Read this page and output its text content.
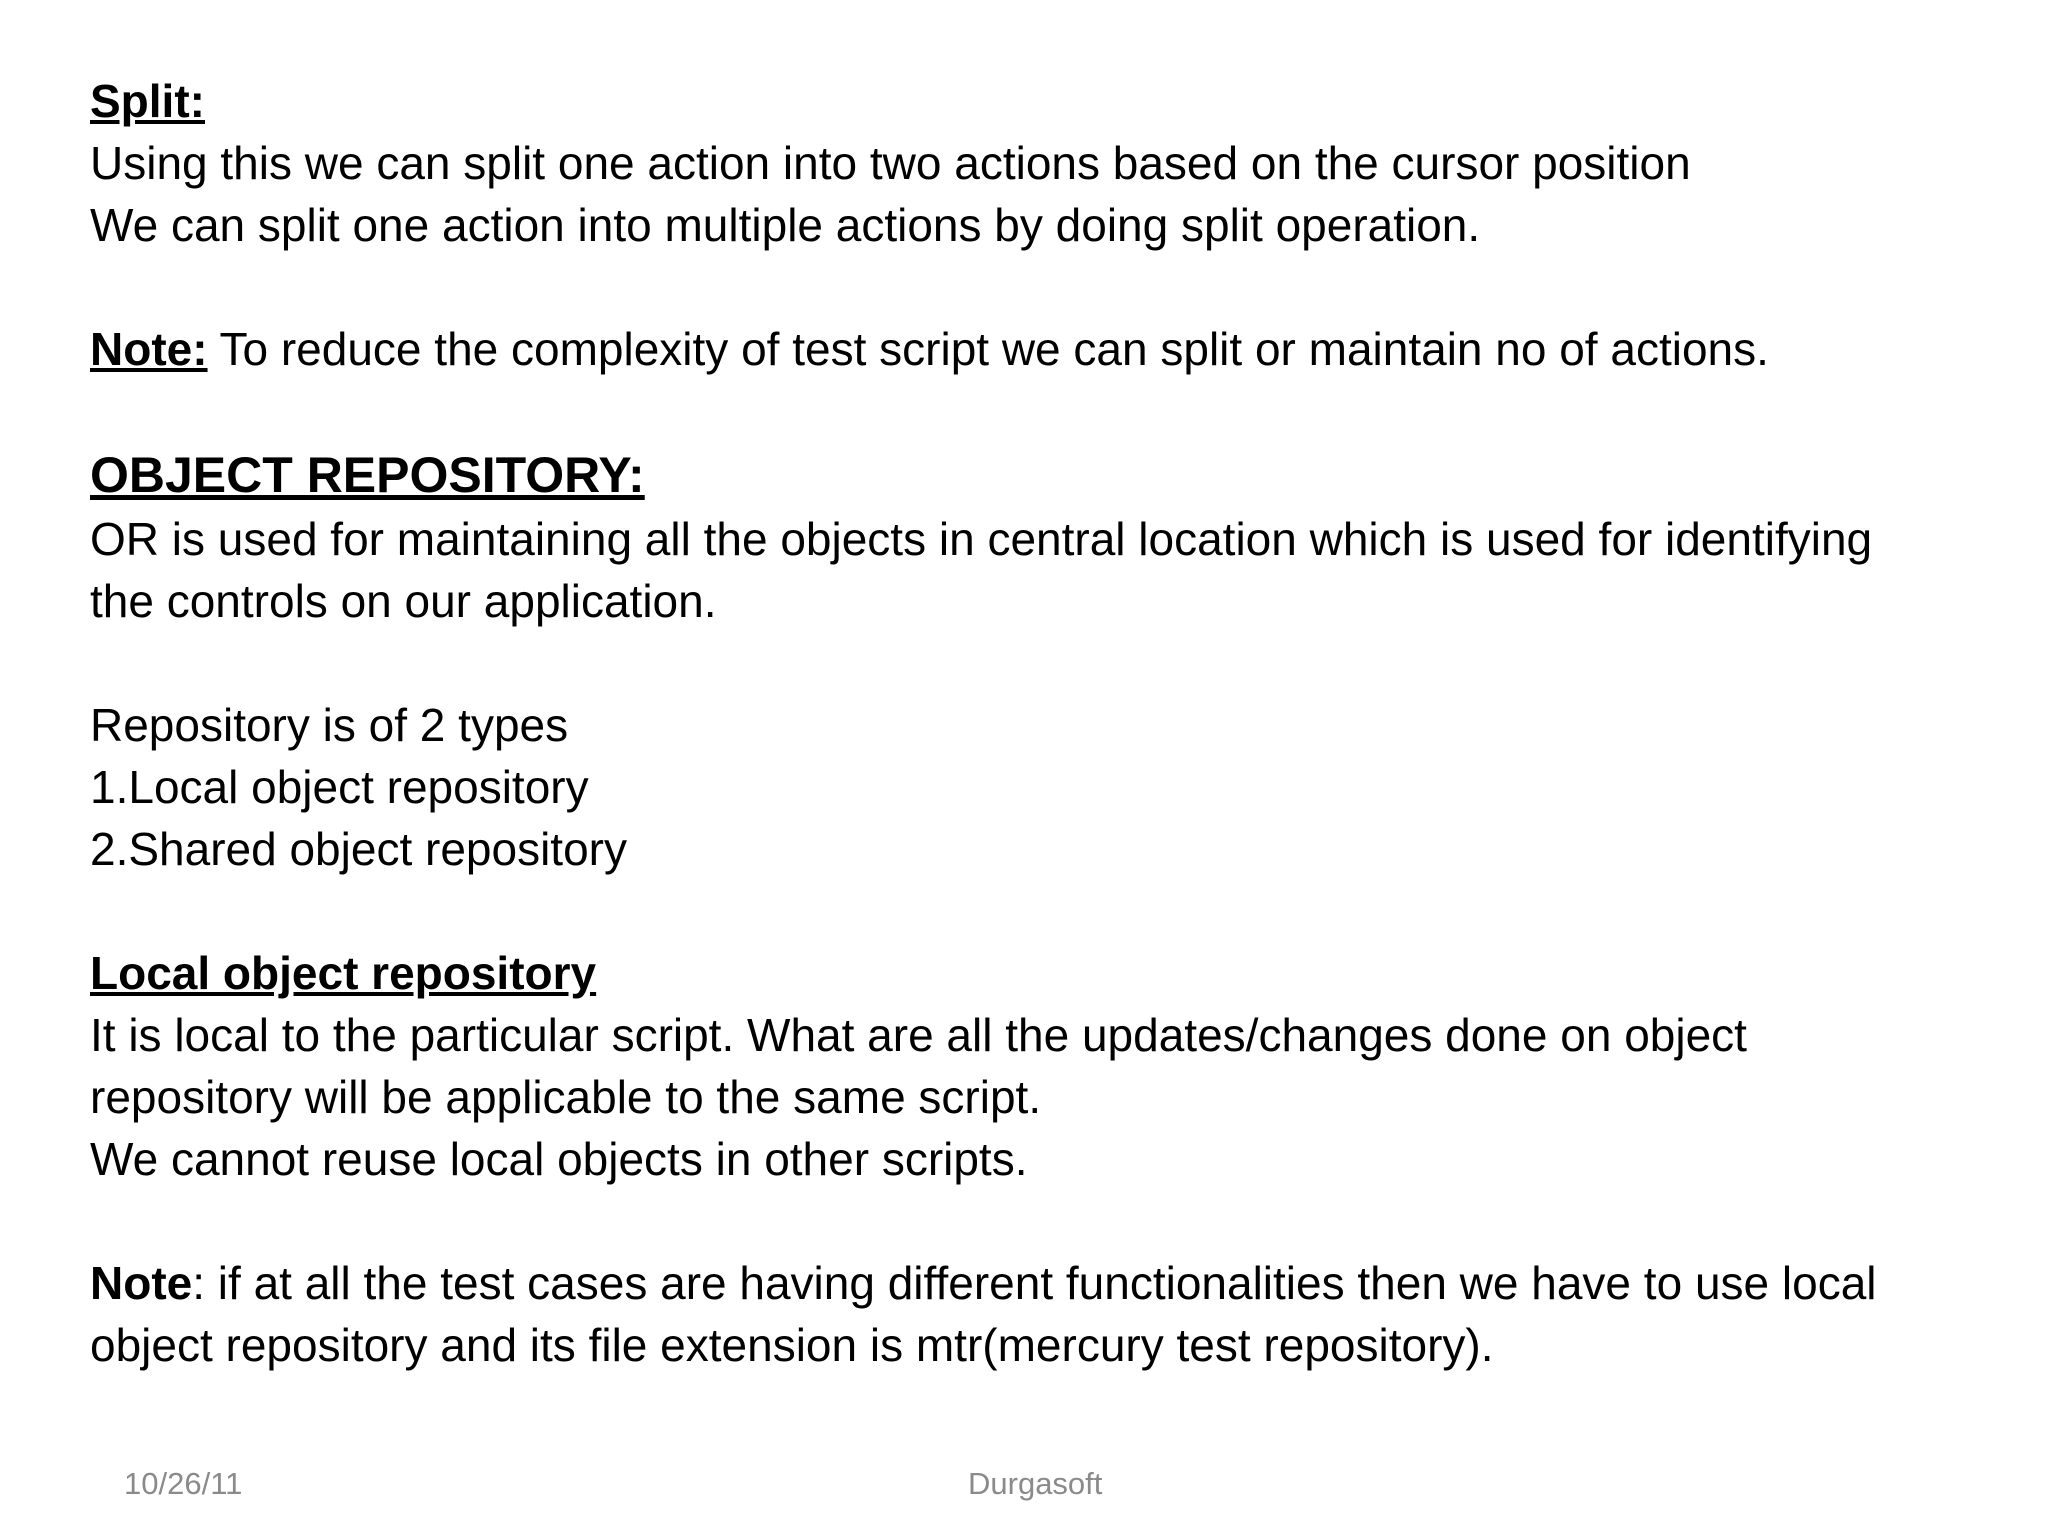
Split:

Using this we can split one action into two actions based on the cursor position

We can split one action into multiple actions by doing split operation.

Note: To reduce the complexity of test script we can split or maintain no of actions.

OBJECT REPOSITORY:

OR is used for maintaining all the objects in central location which is used for identifying

the controls on our application.

Repository is of 2 types

1.Local object repository

2.Shared object repository

Local object repository

It is local to the particular script. What are all the updates/changes done on object

repository will be applicable to the same script.

We cannot reuse local objects in other scripts.

Note: if at all the test cases are having different functionalities then we have to use local

object repository and its file extension is mtr(mercury test repository).

10/26/11	Durgasoft
